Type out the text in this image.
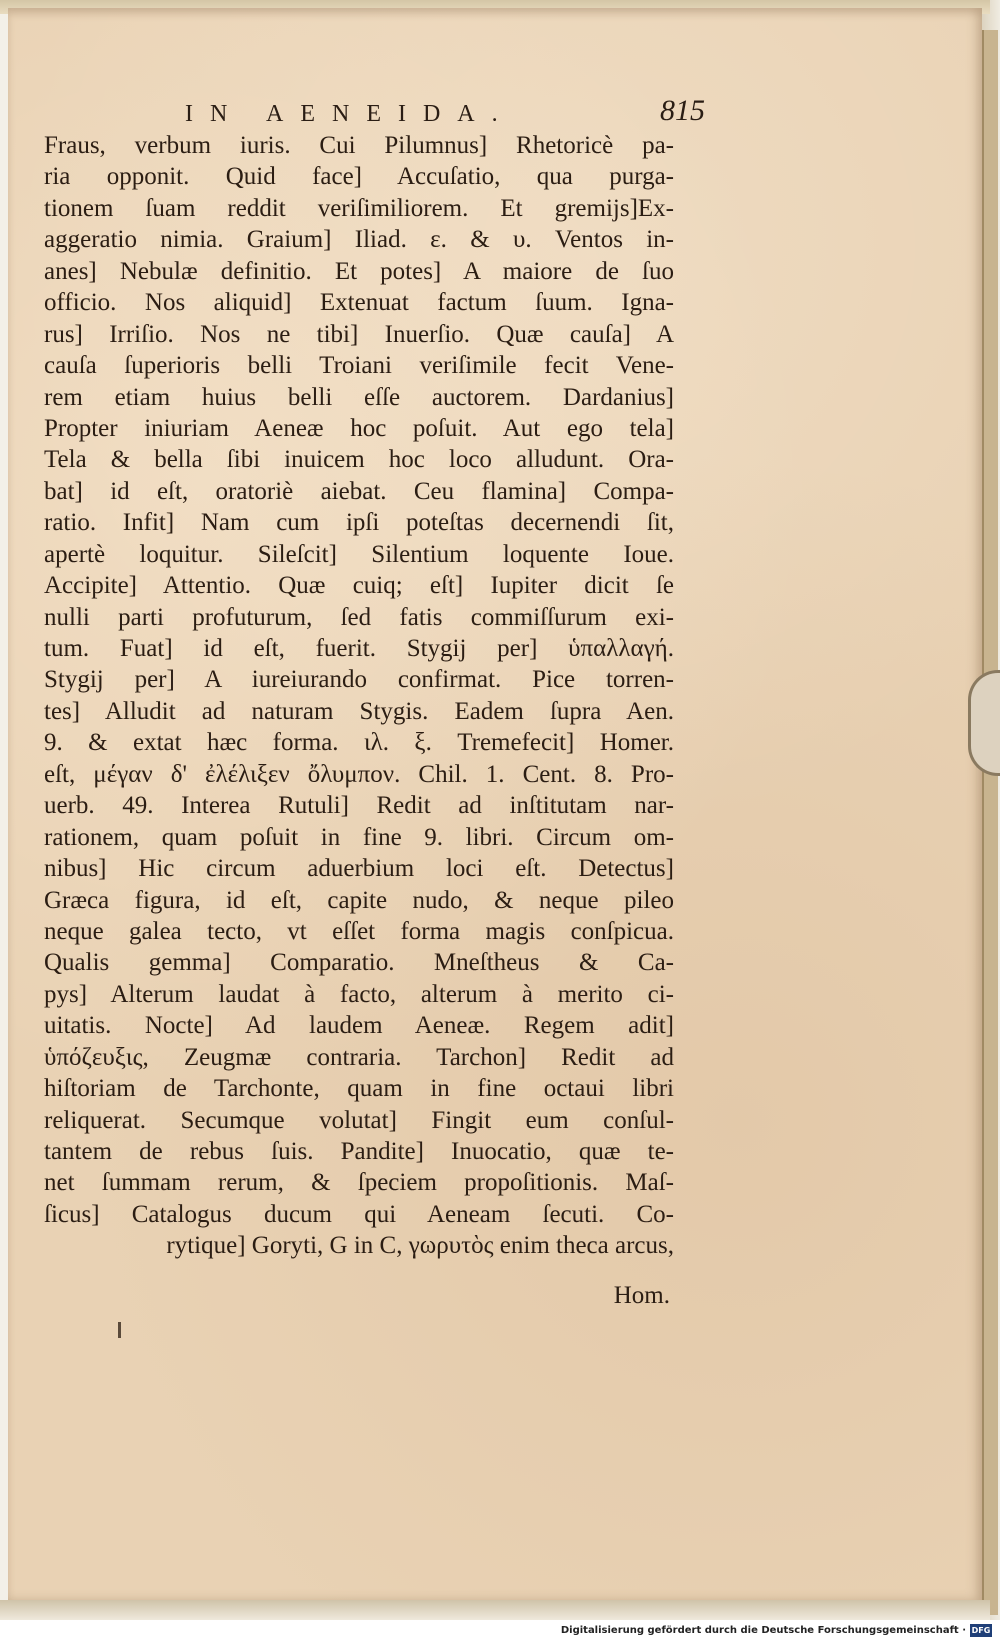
IN AENEIDA.	815
Fraus, verbum iuris. Cui Pilumnus] Rhetoricè pa-
ria opponit. Quid face] Accuſatio, qua purga-
tionem ſuam reddit veriſimiliorem. Et gremijs]Ex-
aggeratio nimia. Graium] Iliad. ε. & υ. Ventos in-
anes] Nebulæ definitio. Et potes] A maiore de ſuo
officio. Nos aliquid] Extenuat factum ſuum. Igna-
rus] Irriſio. Nos ne tibi] Inuerſio. Quæ cauſa] A
cauſa ſuperioris belli Troiani veriſimile fecit Vene-
rem etiam huius belli eſſe auctorem. Dardanius]
Propter iniuriam Aeneæ hoc poſuit. Aut ego tela]
Tela & bella ſibi inuicem hoc loco alludunt. Ora-
bat] id eſt, oratoriè aiebat. Ceu flamina] Compa-
ratio. Infit] Nam cum ipſi poteſtas decernendi ſit,
apertè loquitur. Sileſcit] Silentium loquente Ioue.
Accipite] Attentio. Quæ cuiq; eſt] Iupiter dicit ſe
nulli parti profuturum, ſed fatis commiſſurum exi-
tum. Fuat] id eſt, fuerit. Stygij per] ὑπαλλαγή.
Stygij per] A iureiurando confirmat. Pice torren-
tes] Alludit ad naturam Stygis. Eadem ſupra Aen.
9. & extat hæc forma. ιλ. ξ. Tremefecit] Homer.
eſt, μέγαν δ' ἐλέλιξεν ὄλυμπον. Chil. 1. Cent. 8. Pro-
uerb. 49. Interea Rutuli] Redit ad inſtitutam nar-
rationem, quam poſuit in fine 9. libri. Circum om-
nibus] Hic circum aduerbium loci eſt. Detectus]
Græca figura, id eſt, capite nudo, & neque pileo
neque galea tecto, vt eſſet forma magis conſpicua.
Qualis gemma] Comparatio. Mneſtheus & Ca-
pys] Alterum laudat à facto, alterum à merito ci-
uitatis. Nocte] Ad laudem Aeneæ. Regem adit]
ὑπόζευξις, Zeugmæ contraria. Tarchon] Redit ad
hiſtoriam de Tarchonte, quam in fine octaui libri
reliquerat. Secumque volutat] Fingit eum conſul-
tantem de rebus ſuis. Pandite] Inuocatio, quæ te-
net ſummam rerum, & ſpeciem propoſitionis. Maſ-
ſicus] Catalogus ducum qui Aeneam ſecuti. Co-
rytique] Goryti, G in C, γωρυτὸς enim theca arcus,
Hom.
Digitalisierung gefördert durch die Deutsche Forschungsgemeinschaft · DFG
